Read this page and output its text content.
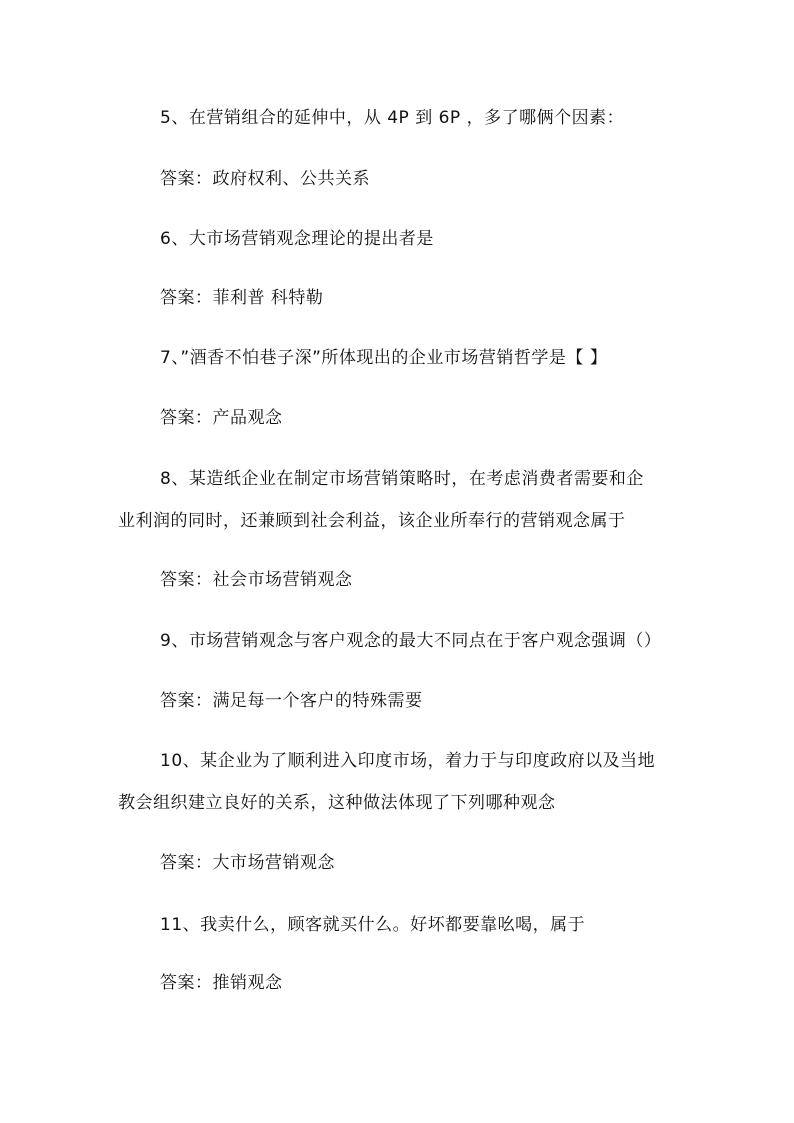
5、在营销组合的延伸中，从 4P 到 6P ，多了哪俩个因素：
答案：政府权利、公共关系
6、大市场营销观念理论的提出者是
答案：菲利普 科特勒
7、”酒香不怕巷子深”所体现出的企业市场营销哲学是【 】
答案：产品观念
8、某造纸企业在制定市场营销策略时，在考虑消费者需要和企
业利润的同时，还兼顾到社会利益，该企业所奉行的营销观念属于
答案：社会市场营销观念
9、市场营销观念与客户观念的最大不同点在于客户观念强调（）
答案：满足每一个客户的特殊需要
10、某企业为了顺利进入印度市场，着力于与印度政府以及当地
教会组织建立良好的关系，这种做法体现了下列哪种观念
答案：大市场营销观念
11、我卖什么，顾客就买什么。好坏都要靠吆喝，属于
答案：推销观念
